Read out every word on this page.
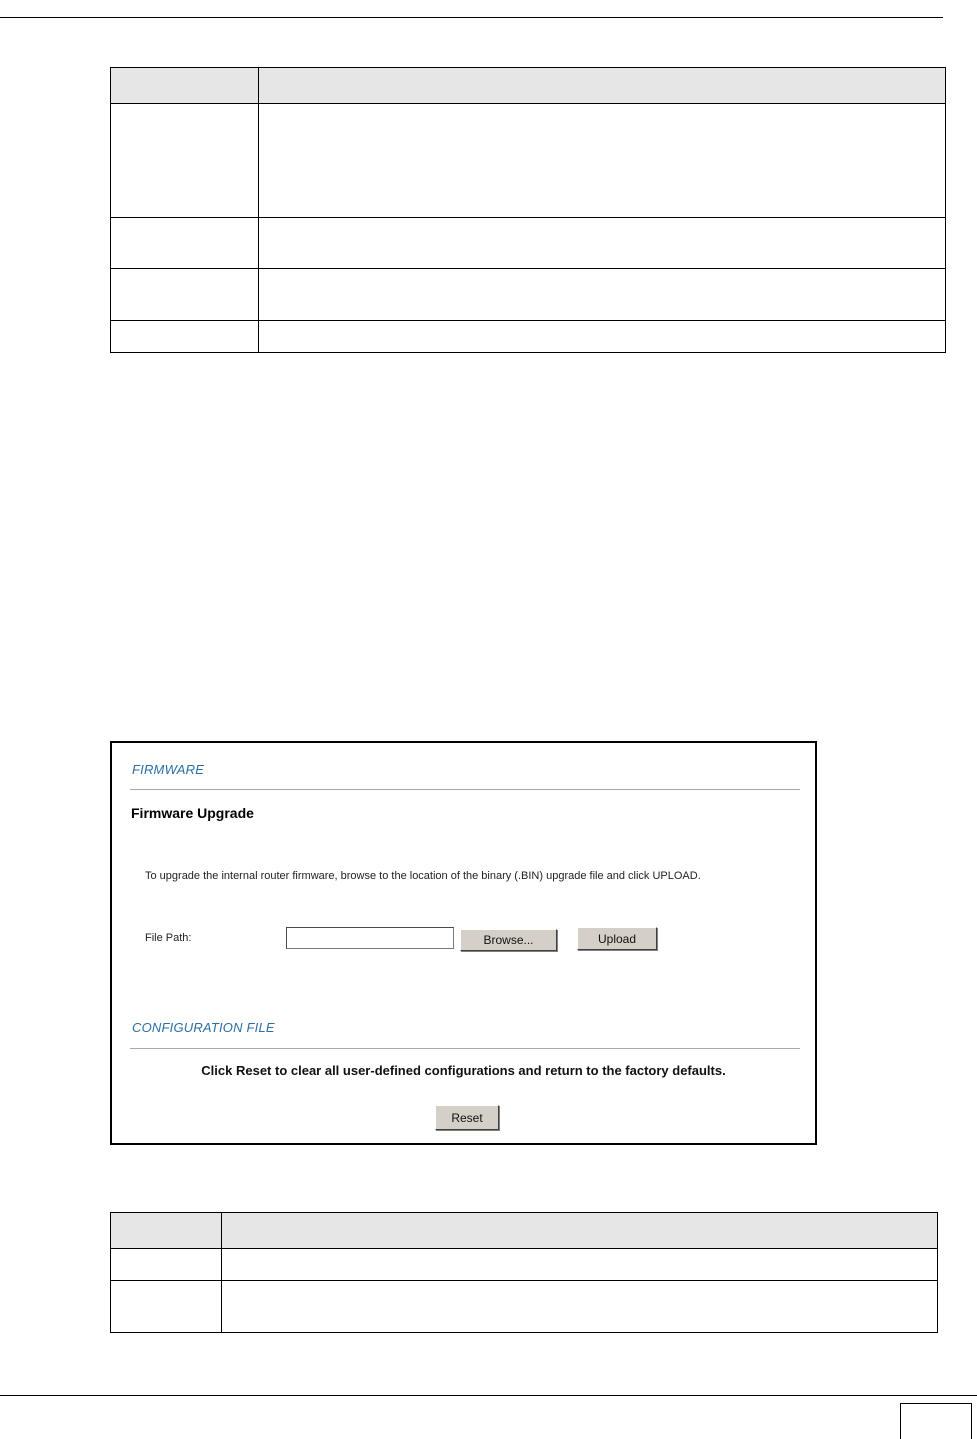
FIRMWARE
Firmware Upgrade
To upgrade the internal router firmware, browse to the location of the binary (.BIN) upgrade file and click UPLOAD.
File Path:	Browse...	Upload
CONFIGURATION FILE
Click Reset to clear all user-defined configurations and return to the factory defaults.
Reset
